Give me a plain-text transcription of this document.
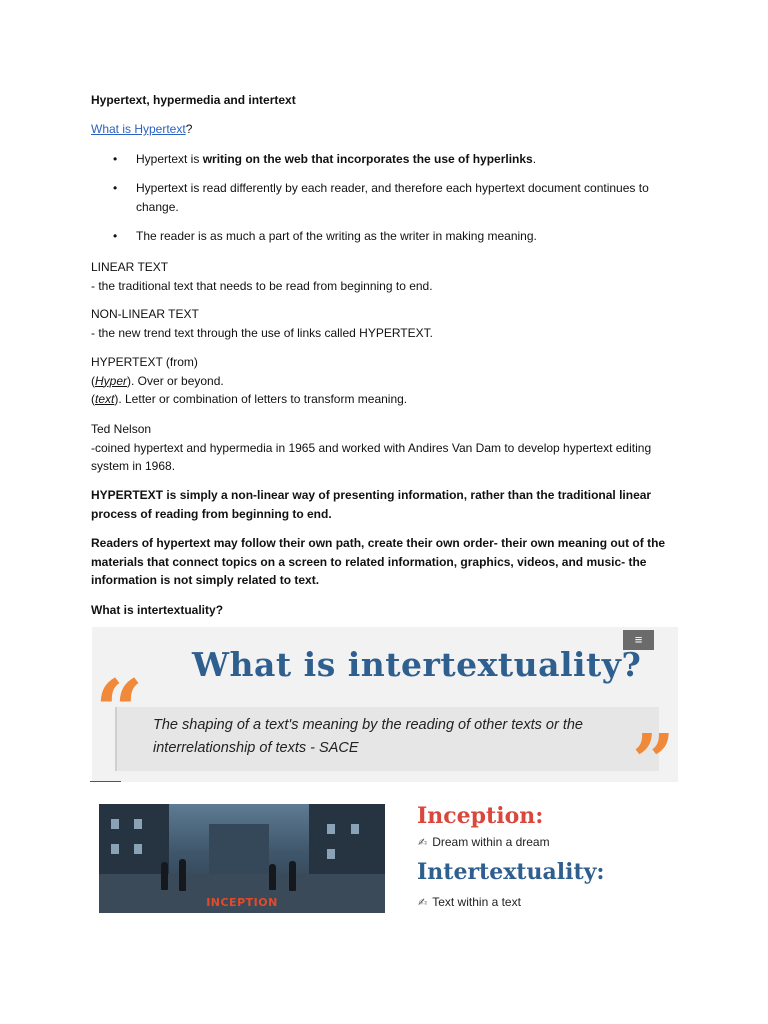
Hypertext, hypermedia and intertext
What is Hypertext?
• Hypertext is writing on the web that incorporates the use of hyperlinks.
• Hypertext is read differently by each reader, and therefore each hypertext document continues to change.
• The reader is as much a part of the writing as the writer in making meaning.

LINEAR TEXT

- the traditional text that needs to be read from beginning to end.

NON-LINEAR TEXT

- the new trend text through the use of links called HYPERTEXT.

HYPERTEXT (from)

(Hyper). Over or beyond.

(text). Letter or combination of letters to transform meaning.

Ted Nelson

-coined hypertext and hypermedia in 1965 and worked with Andires Van Dam to develop hypertext editing system in 1968.

HYPERTEXT is simply a non-linear way of presenting information, rather than the traditional linear process of reading from beginning to end.

Readers of hypertext may follow their own path, create their own order- their own meaning out of the materials that connect topics on a screen to related information, graphics, videos, and music- the information is not simply related to text.

What is intertextuality?

≡
What is intertextuality?
The shaping of a text's meaning by the reading of other texts or the interrelationship of texts - SACE
“
”
INCEPTION
Inception:
✍ Dream within a dream
Intertextuality:
✍ Text within a text
